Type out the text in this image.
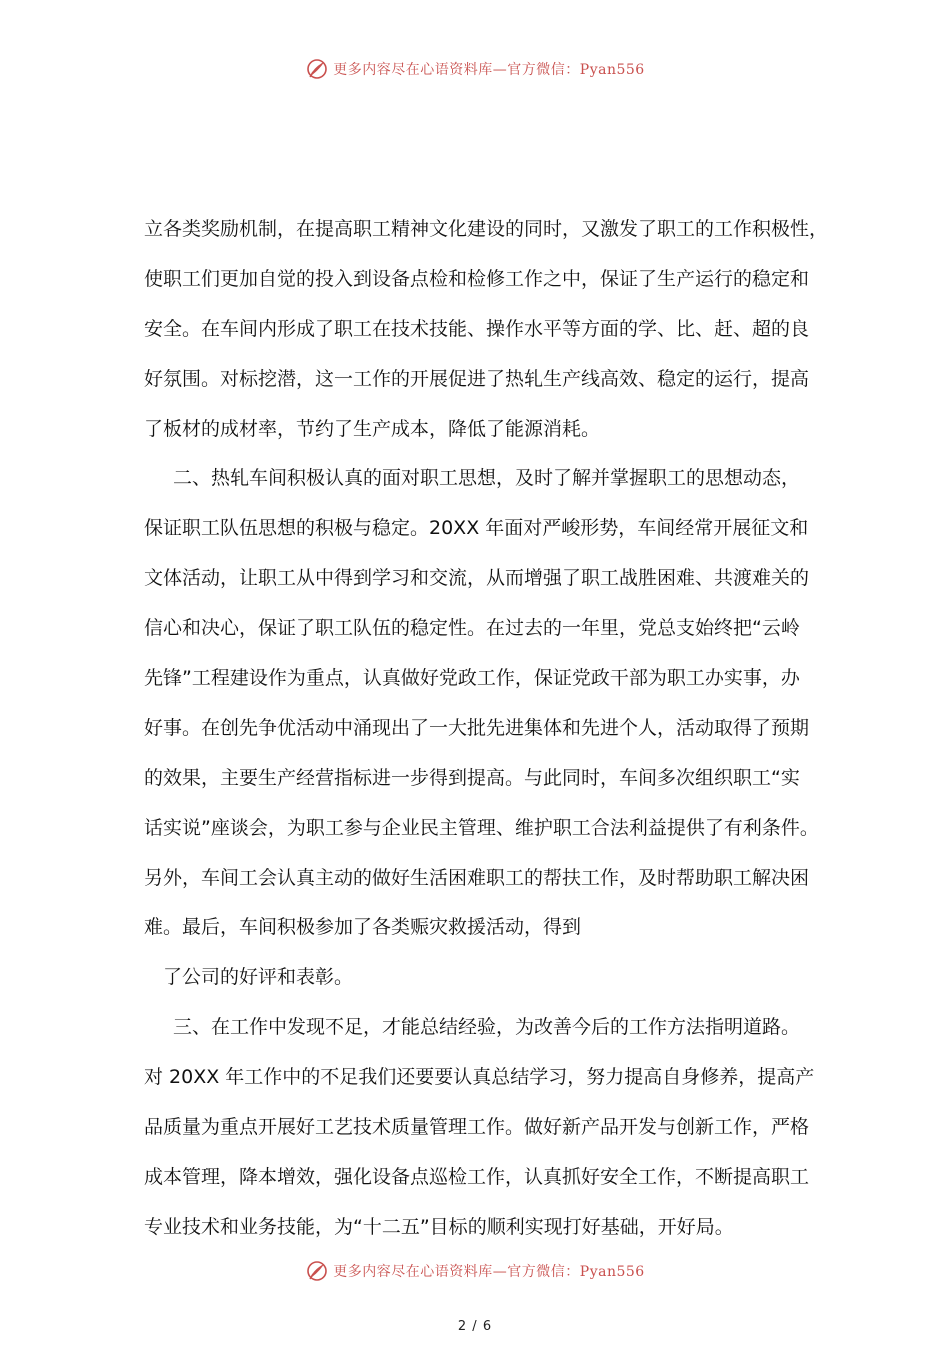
更多内容尽在心语资料库—官方微信：Pyan556
立各类奖励机制，在提高职工精神文化建设的同时，又激发了职工的工作积极性，
使职工们更加自觉的投入到设备点检和检修工作之中，保证了生产运行的稳定和
安全。在车间内形成了职工在技术技能、操作水平等方面的学、比、赶、超的良
好氛围。对标挖潜，这一工作的开展促进了热轧生产线高效、稳定的运行，提高
了板材的成材率，节约了生产成本，降低了能源消耗。
二、热轧车间积极认真的面对职工思想，及时了解并掌握职工的思想动态，
保证职工队伍思想的积极与稳定。20XX 年面对严峻形势，车间经常开展征文和
文体活动，让职工从中得到学习和交流，从而增强了职工战胜困难、共渡难关的
信心和决心，保证了职工队伍的稳定性。在过去的一年里，党总支始终把“云岭
先锋”工程建设作为重点，认真做好党政工作，保证党政干部为职工办实事，办
好事。在创先争优活动中涌现出了一大批先进集体和先进个人，活动取得了预期
的效果，主要生产经营指标进一步得到提高。与此同时，车间多次组织职工“实
话实说”座谈会，为职工参与企业民主管理、维护职工合法利益提供了有利条件。
另外，车间工会认真主动的做好生活困难职工的帮扶工作，及时帮助职工解决困
难。最后，车间积极参加了各类赈灾救援活动，得到
了公司的好评和表彰。
三、在工作中发现不足，才能总结经验，为改善今后的工作方法指明道路。
对 20XX 年工作中的不足我们还要要认真总结学习，努力提高自身修养，提高产
品质量为重点开展好工艺技术质量管理工作。做好新产品开发与创新工作，严格
成本管理，降本增效，强化设备点巡检工作，认真抓好安全工作，不断提高职工
专业技术和业务技能，为“十二五”目标的顺利实现打好基础，开好局。
更多内容尽在心语资料库—官方微信：Pyan556
2 / 6
